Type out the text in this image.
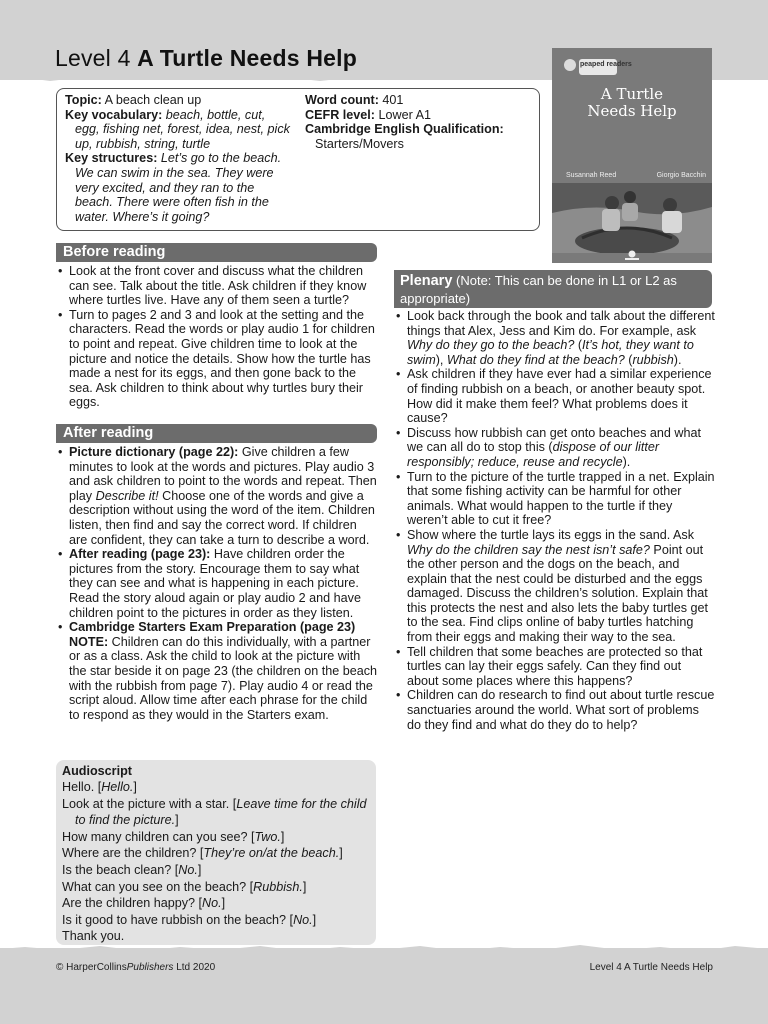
Level 4 A Turtle Needs Help
Topic: A beach clean up
Key vocabulary: beach, bottle, cut, egg, fishing net, forest, idea, nest, pick up, rubbish, string, turtle
Key structures: Let’s go to the beach. We can swim in the sea. They were very excited, and they ran to the beach. There were often fish in the water. Where’s it going?
Word count: 401
CEFR level: Lower A1
Cambridge English Qualification:
Starters/Movers
peaped readers
A Turtle
Needs Help
Susannah Reed	Giorgio Bacchin
Before reading
• Look at the front cover and discuss what the children can see. Talk about the title. Ask children if they know where turtles live. Have any of them seen a turtle?
• Turn to pages 2 and 3 and look at the setting and the characters. Read the words or play audio 1 for children to point and repeat. Give children time to look at the picture and notice the details. Show how the turtle has made a nest for its eggs, and then gone back to the sea. Ask children to think about why turtles bury their eggs.
After reading
• Picture dictionary (page 22): Give children a few minutes to look at the words and pictures. Play audio 3 and ask children to point to the words and repeat. Then play Describe it! Choose one of the words and give a description without using the word of the item. Children listen, then find and say the correct word. If children are confident, they can take a turn to describe a word.
• After reading (page 23): Have children order the pictures from the story. Encourage them to say what they can see and what is happening in each picture. Read the story aloud again or play audio 2 and have children point to the pictures in order as they listen.
• Cambridge Starters Exam Preparation (page 23) NOTE: Children can do this individually, with a partner or as a class. Ask the child to look at the picture with the star beside it on page 23 (the children on the beach with the rubbish from page 7). Play audio 4 or read the script aloud. Allow time after each phrase for the child to respond as they would in the Starters exam.
Audioscript
Hello. [Hello.]
Look at the picture with a star. [Leave time for the child to find the picture.]
How many children can you see? [Two.]
Where are the children? [They’re on/at the beach.]
Is the beach clean? [No.]
What can you see on the beach? [Rubbish.]
Are the children happy? [No.]
Is it good to have rubbish on the beach? [No.]
Thank you.
Plenary (Note: This can be done in L1 or L2 as appropriate)
• Look back through the book and talk about the different things that Alex, Jess and Kim do. For example, ask Why do they go to the beach? (It’s hot, they want to swim), What do they find at the beach? (rubbish).
• Ask children if they have ever had a similar experience of finding rubbish on a beach, or another beauty spot. How did it make them feel? What problems does it cause?
• Discuss how rubbish can get onto beaches and what we can all do to stop this (dispose of our litter responsibly; reduce, reuse and recycle).
• Turn to the picture of the turtle trapped in a net. Explain that some fishing activity can be harmful for other animals. What would happen to the turtle if they weren’t able to cut it free?
• Show where the turtle lays its eggs in the sand. Ask Why do the children say the nest isn’t safe? Point out the other person and the dogs on the beach, and explain that the nest could be disturbed and the eggs damaged. Discuss the children’s solution. Explain that this protects the nest and also lets the baby turtles get to the sea. Find clips online of baby turtles hatching from their eggs and making their way to the sea.
• Tell children that some beaches are protected so that turtles can lay their eggs safely. Can they find out about some places where this happens?
• Children can do research to find out about turtle rescue sanctuaries around the world. What sort of problems do they find and what do they do to help?
© HarperCollinsPublishers Ltd 2020	Level 4 A Turtle Needs Help
